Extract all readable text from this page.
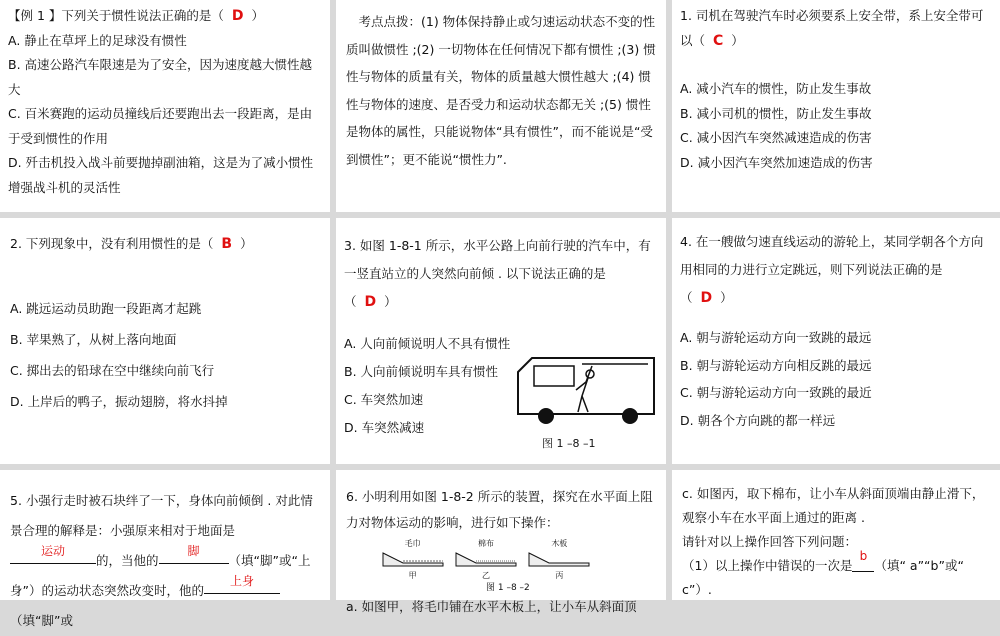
【例 1 】下列关于惯性说法正确的是（ D ）
A. 静止在草坪上的足球没有惯性
B. 高速公路汽车限速是为了安全，因为速度越大惯性越大
C. 百米赛跑的运动员撞线后还要跑出去一段距离，是由于受到惯性的作用
D. 歼击机投入战斗前要抛掉副油箱，这是为了减小惯性增强战斗机的灵活性
考点点拨：(1) 物体保持静止或匀速运动状态不变的性质叫做惯性 ;(2) 一切物体在任何情况下都有惯性 ;(3) 惯性与物体的质量有关，物体的质量越大惯性越大 ;(4) 惯性与物体的速度、是否受力和运动状态都无关 ;(5) 惯性是物体的属性，只能说物体“具有惯性”，而不能说是“受到惯性”；更不能说“惯性力”.
1. 司机在驾驶汽车时必须要系上安全带，系上安全带可以（ C ）
A. 减小汽车的惯性，防止发生事故
B. 减小司机的惯性，防止发生事故
C. 减小因汽车突然减速造成的伤害
D. 减小因汽车突然加速造成的伤害
2. 下列现象中，没有利用惯性的是（ B ）
A. 跳远运动员助跑一段距离才起跳
B. 苹果熟了，从树上落向地面
C. 掷出去的铅球在空中继续向前飞行
D. 上岸后的鸭子，振动翅膀，将水抖掉
3. 如图 1-8-1 所示，水平公路上向前行驶的汽车中，有一竖直站立的人突然向前倾 . 以下说法正确的是（ D ）
A. 人向前倾说明人不具有惯性
B. 人向前倾说明车具有惯性
C. 车突然加速
D. 车突然减速
图 1 –8 –1
4. 在一艘做匀速直线运动的游轮上，某同学朝各个方向用相同的力进行立定跳远，则下列说法正确的是（ D ）
A. 朝与游轮运动方向一致跳的最远
B. 朝与游轮运动方向相反跳的最远
C. 朝与游轮运动方向一致跳的最近
D. 朝各个方向跳的都一样远
5. 小强行走时被石块绊了一下，身体向前倾倒 . 对此情景合理的解释是：小强原来相对于地面是运动的，当他的脚（填“脚”或“上身”）的运动状态突然改变时，他的上身（填“脚”或
6. 小明利用如图 1-8-2 所示的装置，探究在水平面上阻力对物体运动的影响，进行如下操作：
毛巾
甲
棉布
乙
木板
丙
图 1 –8 –2
a. 如图甲，将毛巾铺在水平木板上，让小车从斜面顶
c. 如图丙，取下棉布，让小车从斜面顶端由静止滑下，观察小车在水平面上通过的距离 .
请针对以上操作回答下列问题：
（1）以上操作中错误的一次是b（填“ a”“b”或“ c”）.
